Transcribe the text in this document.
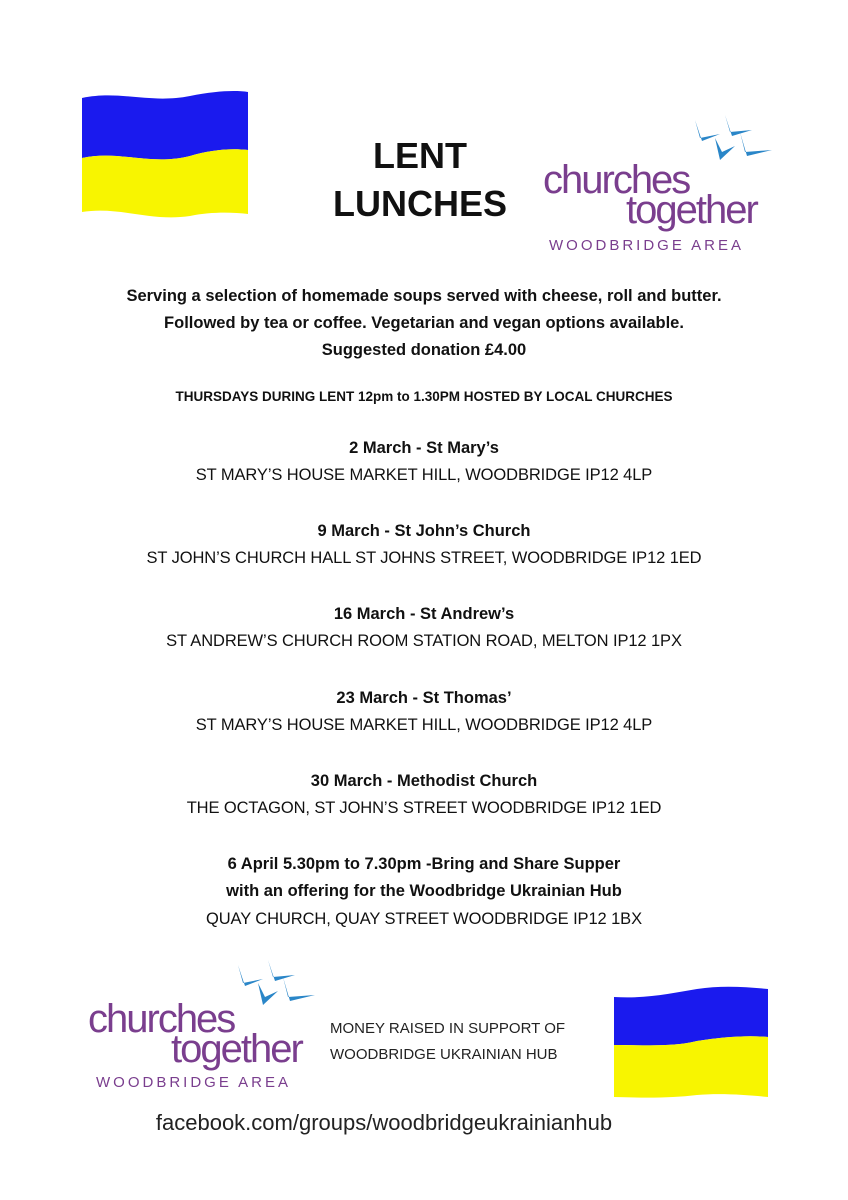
LENT
LUNCHES
churches
together
WOODBRIDGE AREA
Serving a selection of homemade soups served with cheese, roll and butter.
Followed by tea or coffee. Vegetarian and vegan options available.
Suggested donation £4.00
THURSDAYS DURING LENT 12pm to 1.30PM HOSTED BY LOCAL CHURCHES
2 March - St Mary’s
ST MARY’S HOUSE MARKET HILL, WOODBRIDGE IP12 4LP
9 March - St John’s Church
ST JOHN’S CHURCH HALL ST JOHNS STREET, WOODBRIDGE IP12 1ED
16 March - St Andrew’s
ST ANDREW’S CHURCH ROOM STATION ROAD, MELTON IP12 1PX
23 March - St Thomas’
ST MARY’S HOUSE MARKET HILL, WOODBRIDGE IP12 4LP
30 March - Methodist Church
THE OCTAGON, ST JOHN’S STREET WOODBRIDGE IP12 1ED
6 April 5.30pm to 7.30pm -Bring and Share Supper
with an offering for the Woodbridge Ukrainian Hub
QUAY CHURCH, QUAY STREET WOODBRIDGE IP12 1BX
churches
together
WOODBRIDGE AREA
MONEY RAISED IN SUPPORT OF
WOODBRIDGE UKRAINIAN HUB
facebook.com/groups/woodbridgeukrainianhub
